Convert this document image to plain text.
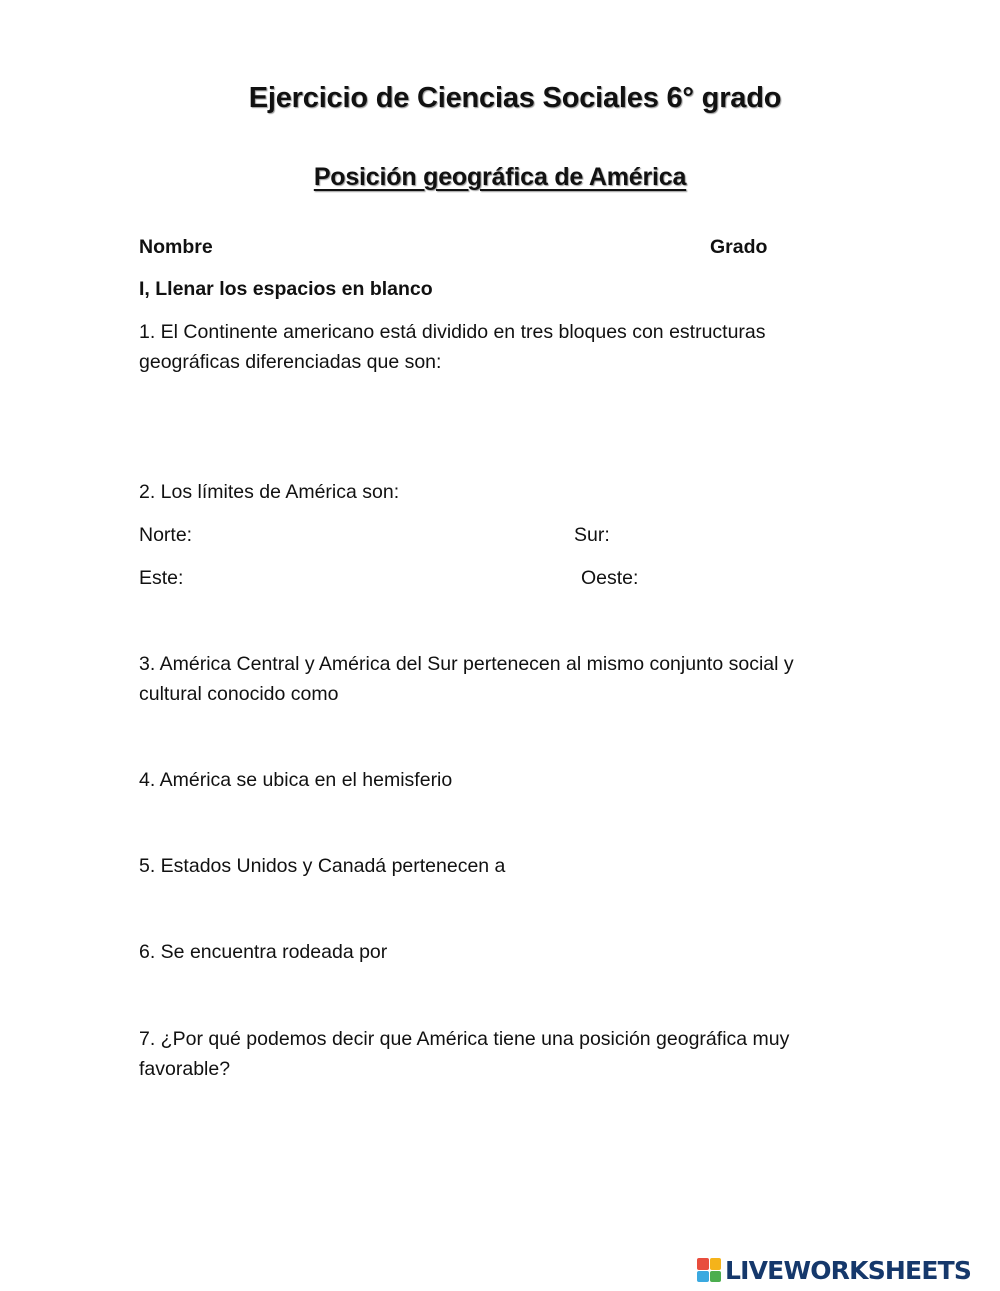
Ejercicio de Ciencias Sociales 6° grado
Posición geográfica de América
Nombre	Grado
I, Llenar los espacios en blanco
1. El Continente americano está dividido en tres bloques con estructuras geográficas diferenciadas que son:
2. Los límites de América son:
Norte:	Sur:
Este:	Oeste:
3. América Central y América del Sur pertenecen al mismo conjunto social y cultural conocido como
4. América se ubica en el hemisferio
5. Estados Unidos y Canadá pertenecen a
6. Se encuentra rodeada por
7. ¿Por qué podemos decir que América tiene una posición geográfica muy favorable?
LIVEWORKSHEETS
